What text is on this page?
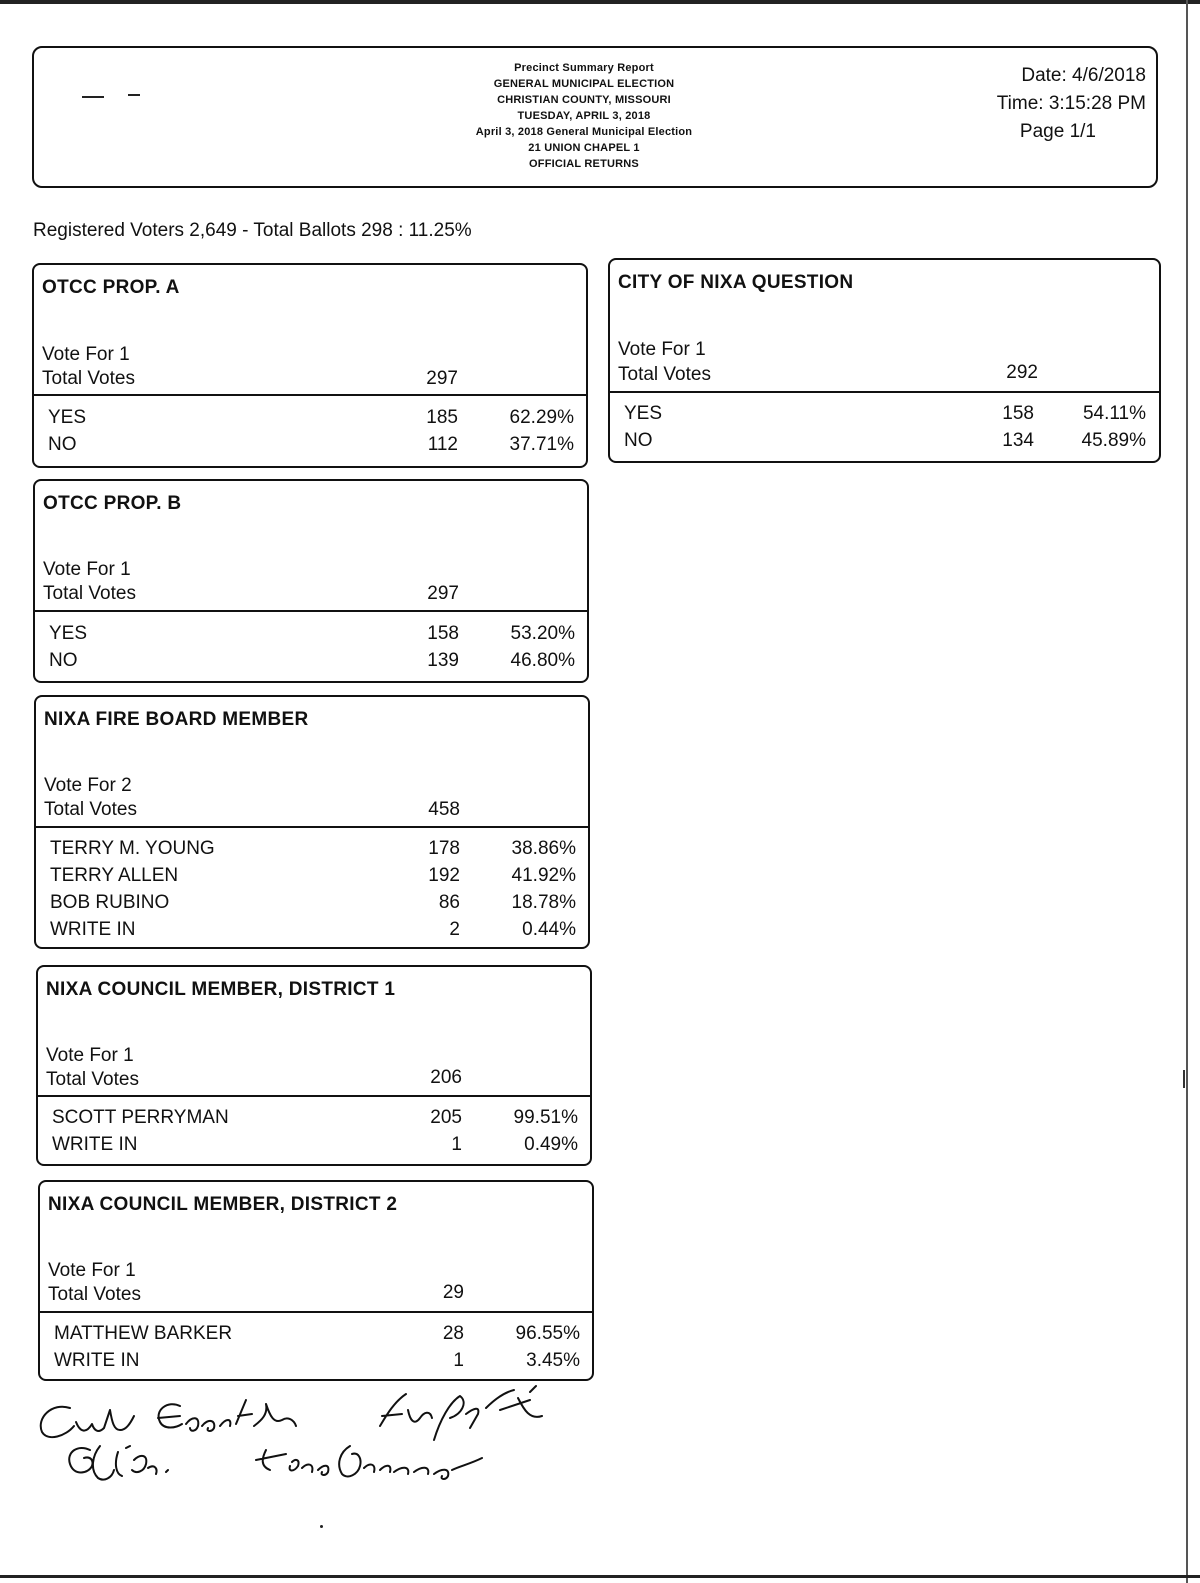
Precinct Summary Report
GENERAL MUNICIPAL ELECTION
CHRISTIAN COUNTY, MISSOURI
TUESDAY, APRIL 3, 2018
April 3, 2018 General Municipal Election
21 UNION CHAPEL 1
OFFICIAL RETURNS
Date: 4/6/2018
Time: 3:15:28 PM
Page 1/1
Registered Voters 2,649 - Total Ballots 298 : 11.25%
OTCC PROP. A
Vote For 1
Total Votes	297
YES	185	62.29%
NO	112	37.71%
OTCC PROP. B
Vote For 1
Total Votes	297
YES	158	53.20%
NO	139	46.80%
NIXA FIRE BOARD MEMBER
Vote For 2
Total Votes	458
TERRY M. YOUNG	178	38.86%
TERRY ALLEN	192	41.92%
BOB RUBINO	86	18.78%
WRITE IN	2	0.44%
NIXA COUNCIL MEMBER, DISTRICT 1
Vote For 1
Total Votes	206
SCOTT PERRYMAN	205	99.51%
WRITE IN	1	0.49%
NIXA COUNCIL MEMBER, DISTRICT 2
Vote For 1
Total Votes	29
MATTHEW BARKER	28	96.55%
WRITE IN	1	3.45%
CITY OF NIXA QUESTION
Vote For 1
Total Votes	292
YES	158	54.11%
NO	134	45.89%
